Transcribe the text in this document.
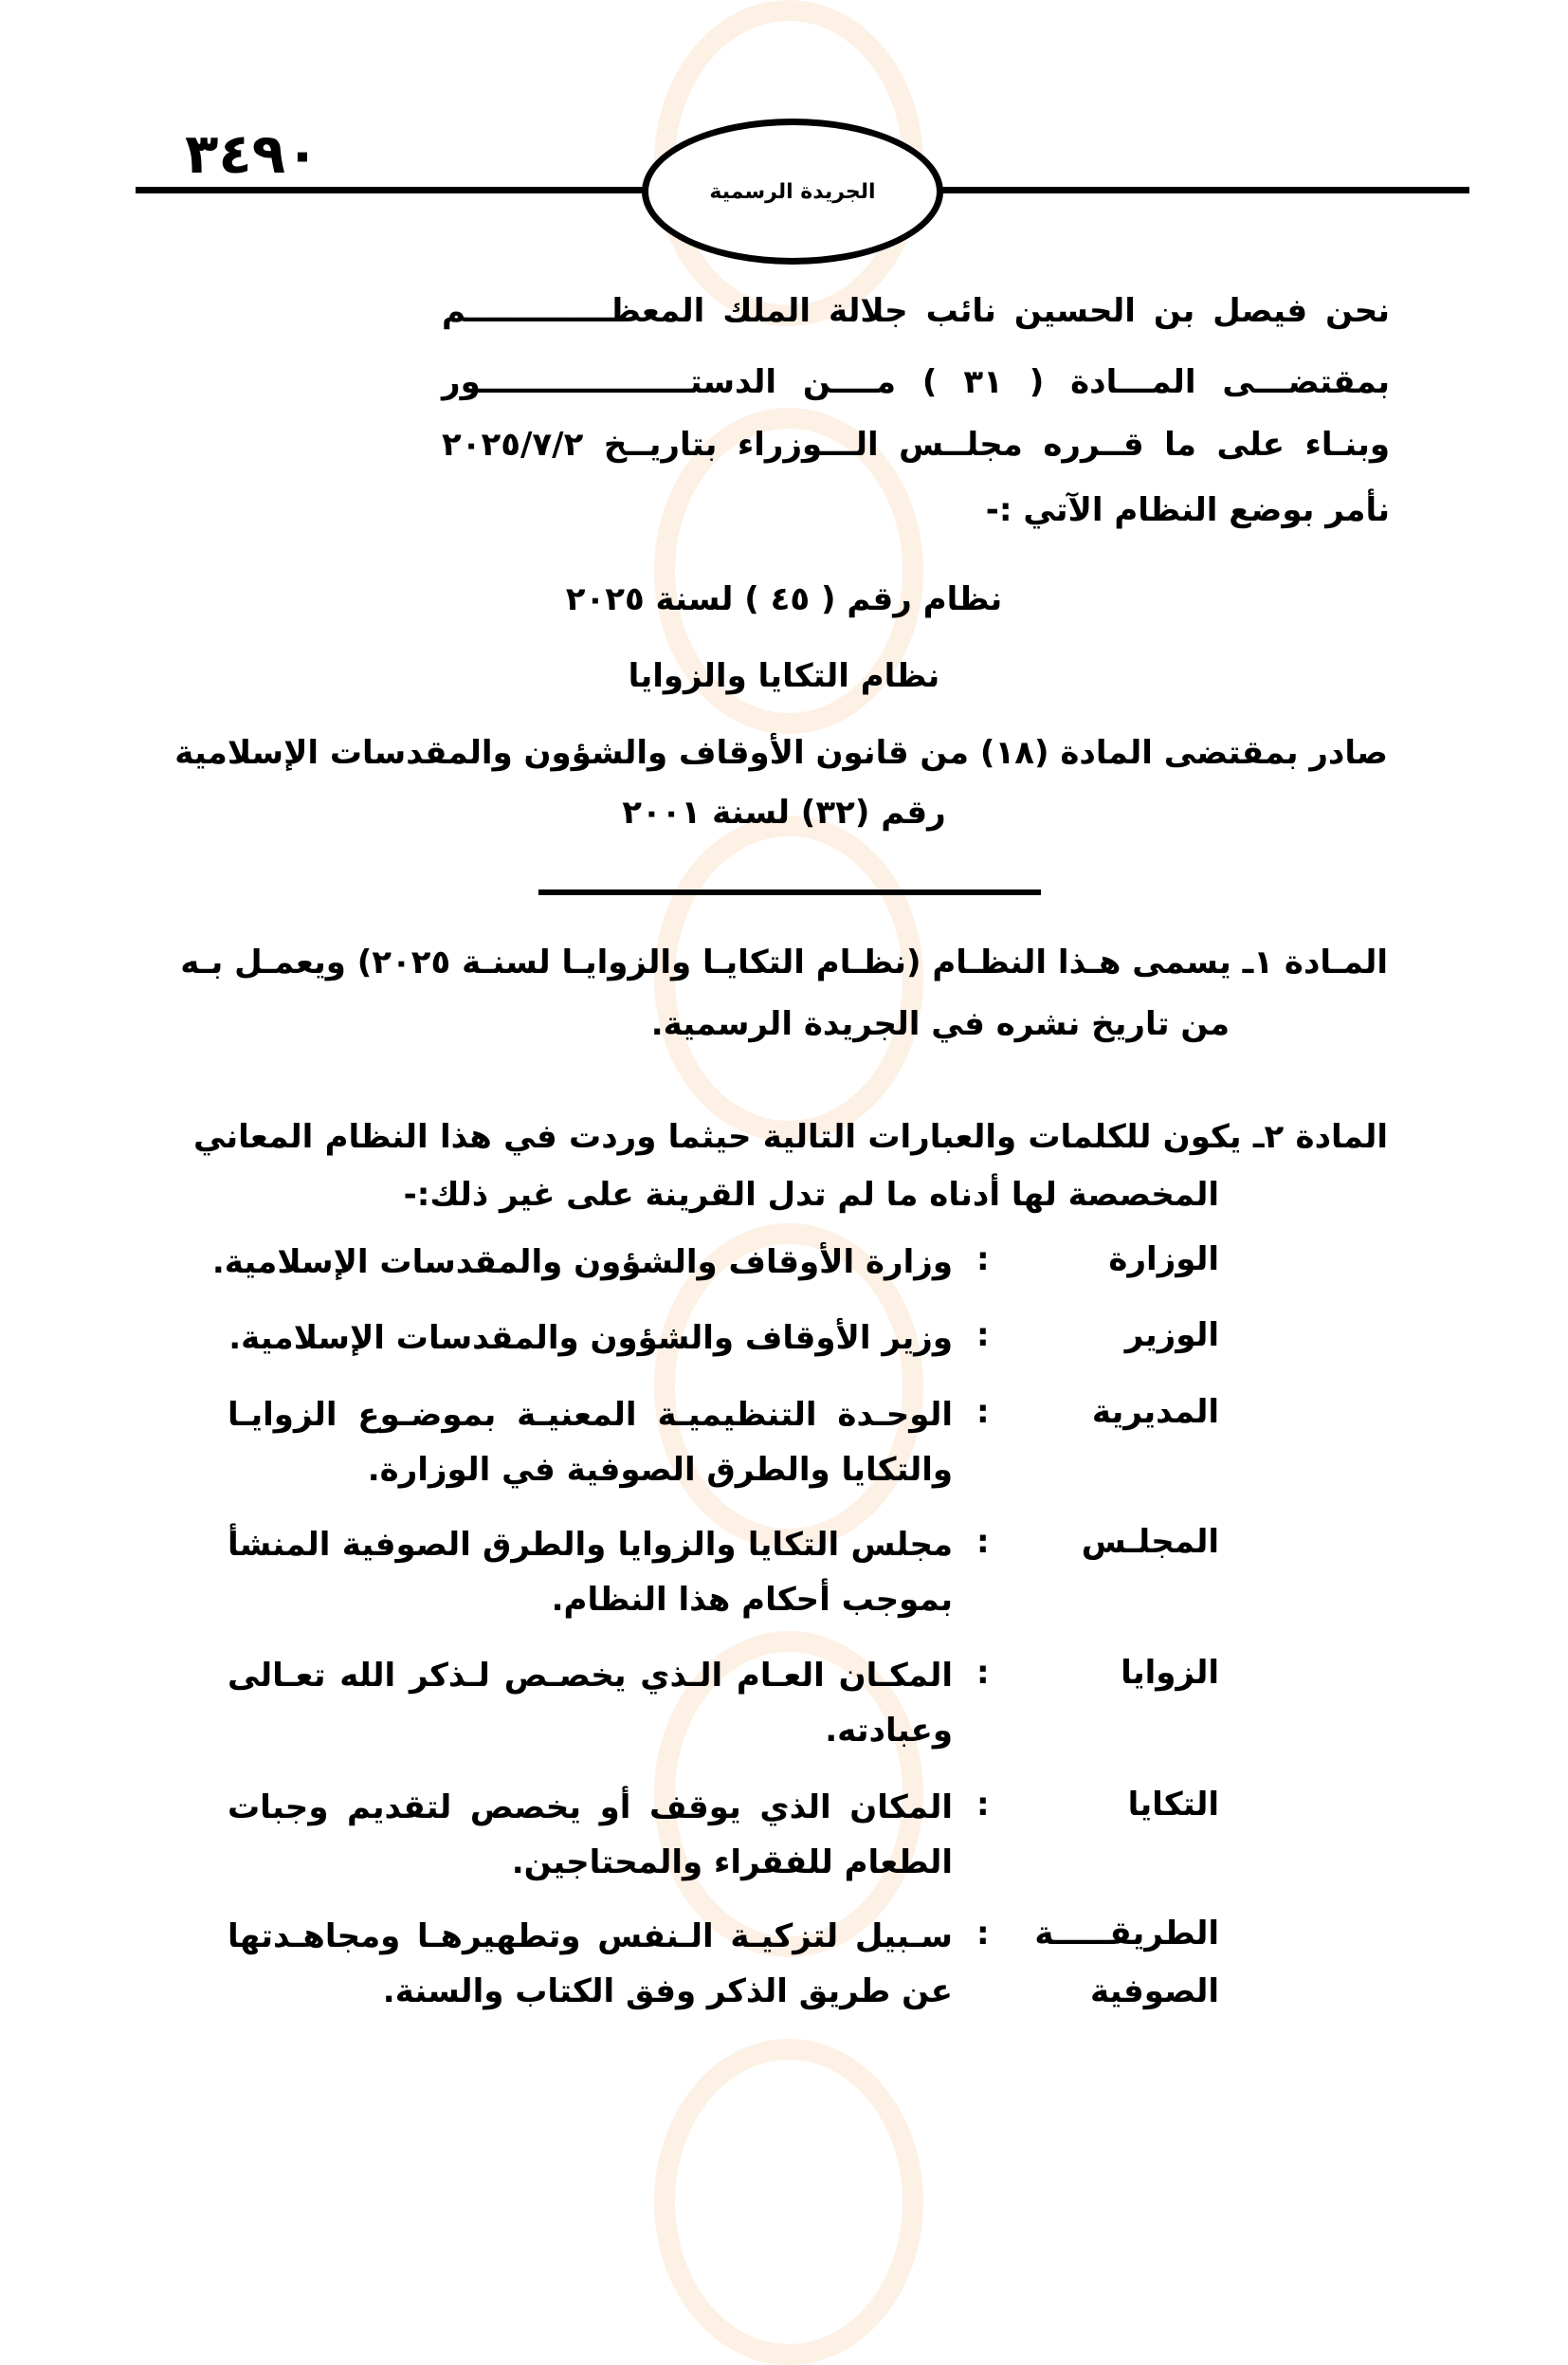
٣٤٩٠
الجريدة الرسمية
نحن فيصل بن الحسين نائب جلالة الملك المعظـــــــــــــم
بمقتضـــى المـــادة ( ٣١ ) مــــن الدستـــــــــــــــــــور
وبنـاء على ما قــرره مجلــس الـــوزراء بتاريــخ ٢٠٢٥/٧/٢
نأمر بوضع النظام الآتي :-
نظام رقم ( ٤٥ ) لسنة ٢٠٢٥
نظام التكايا والزوايا
صادر بمقتضى المادة (١٨) من قانون الأوقاف والشؤون والمقدسات الإسلامية
رقم (٣٢) لسنة ٢٠٠١
المـادة ١ـ يسمى هـذا النظـام (نظـام التكايـا والزوايـا لسنـة ٢٠٢٥) ويعمـل بـه
من تاريخ نشره في الجريدة الرسمية.
المادة ٢ـ يكون للكلمات والعبارات التالية حيثما وردت في هذا النظام المعاني
المخصصة لها أدناه ما لم تدل القرينة على غير ذلك:-
الوزارة
:
وزارة الأوقاف والشؤون والمقدسات الإسلامية.
الوزير
:
وزير الأوقاف والشؤون والمقدسات الإسلامية.
المديرية
:
الوحـدة التنظيميـة المعنيـة بموضـوع الزوايـا
والتكايا والطرق الصوفية في الوزارة.
المجلـس
:
مجلس التكايا والزوايا والطرق الصوفية المنشأ
بموجب أحكام هذا النظام.
الزوايا
:
المكـان العـام الـذي يخصـص لـذكر الله تعـالى
وعبادته.
التكايا
:
المكان الذي يوقف أو يخصص لتقديم وجبات
الطعام للفقراء والمحتاجين.
الطريقـــــة
الصوفية
:
سـبيل لتزكيـة الـنفس وتطهيرهـا ومجاهـدتها
عن طريق الذكر وفق الكتاب والسنة.
